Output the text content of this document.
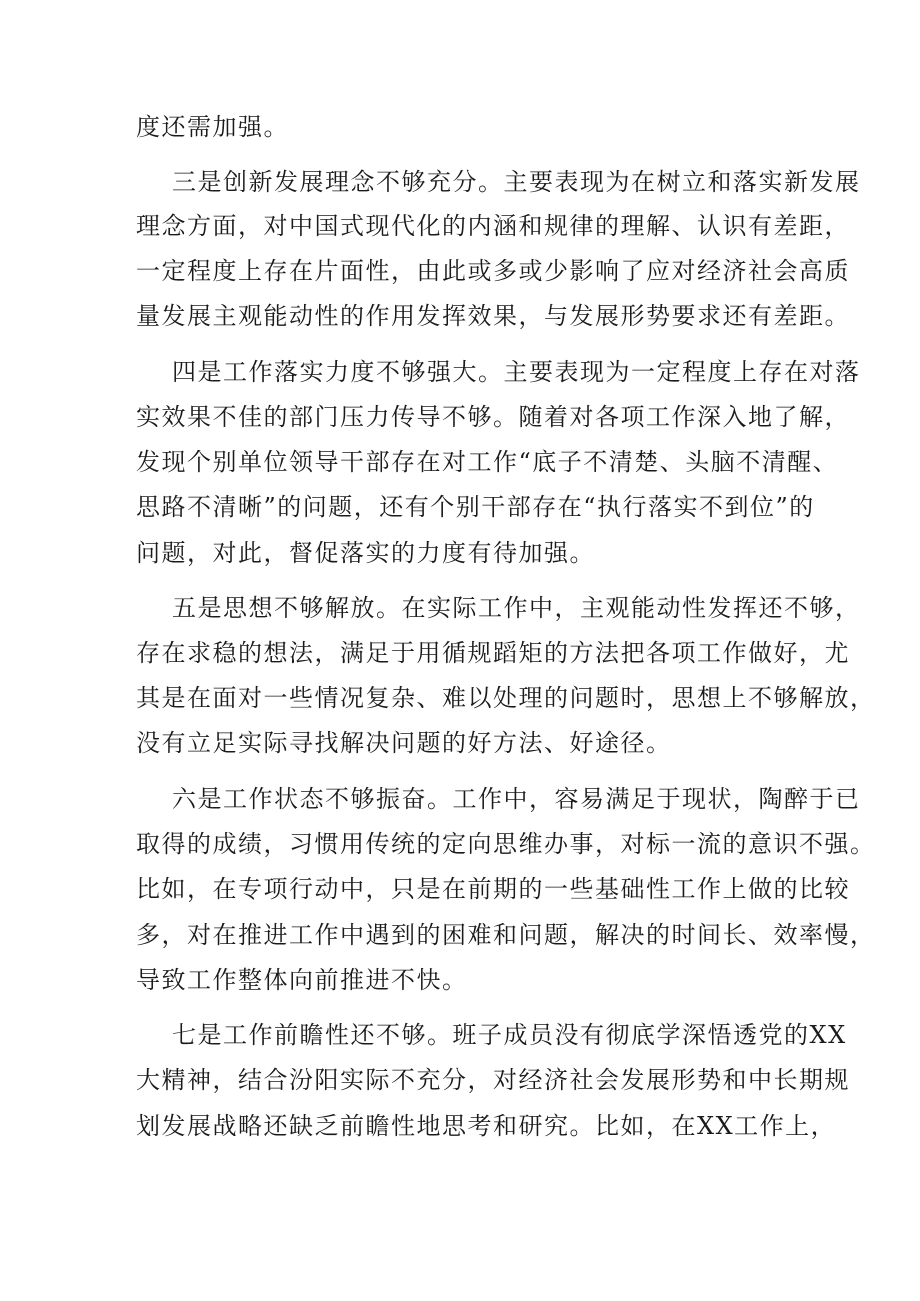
度还需加强。

三是创新发展理念不够充分。主要表现为在树立和落实新发展

理念方面，对中国式现代化的内涵和规律的理解、认识有差距，

一定程度上存在片面性，由此或多或少影响了应对经济社会高质

量发展主观能动性的作用发挥效果，与发展形势要求还有差距。

四是工作落实力度不够强大。主要表现为一定程度上存在对落

实效果不佳的部门压力传导不够。随着对各项工作深入地了解，

发现个别单位领导干部存在对工作“底子不清楚、头脑不清醒、

思路不清晰”的问题，还有个别干部存在“执行落实不到位”的

问题，对此，督促落实的力度有待加强。

五是思想不够解放。在实际工作中，主观能动性发挥还不够，

存在求稳的想法，满足于用循规蹈矩的方法把各项工作做好，尤

其是在面对一些情况复杂、难以处理的问题时，思想上不够解放，

没有立足实际寻找解决问题的好方法、好途径。

六是工作状态不够振奋。工作中，容易满足于现状，陶醉于已

取得的成绩，习惯用传统的定向思维办事，对标一流的意识不强。

比如，在专项行动中，只是在前期的一些基础性工作上做的比较

多，对在推进工作中遇到的困难和问题，解决的时间长、效率慢，

导致工作整体向前推进不快。

七是工作前瞻性还不够。班子成员没有彻底学深悟透党的XX

大精神，结合汾阳实际不充分，对经济社会发展形势和中长期规

划发展战略还缺乏前瞻性地思考和研究。比如，在XX工作上，
